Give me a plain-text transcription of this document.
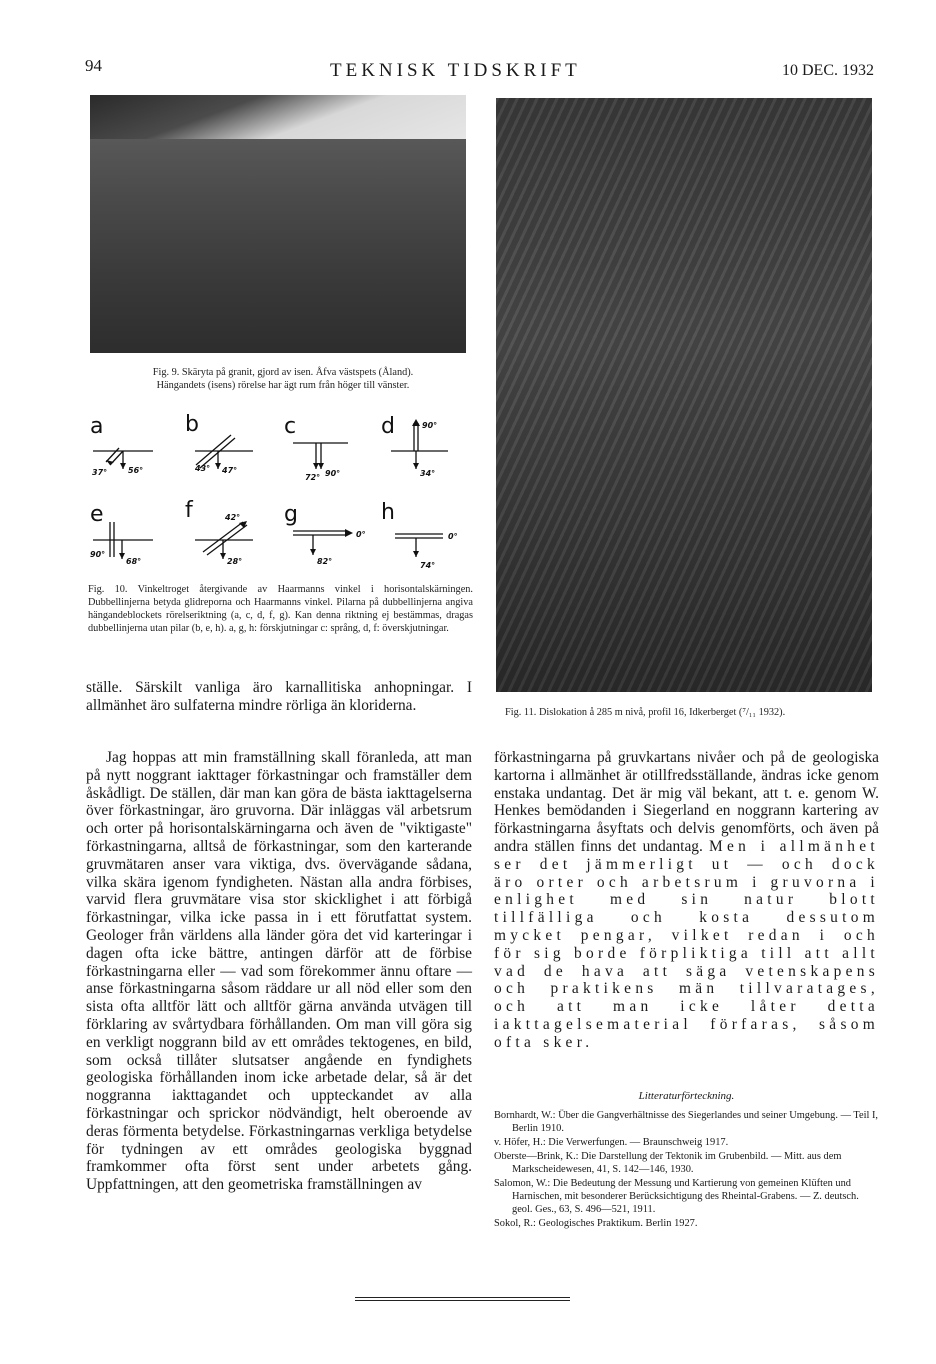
94	TEKNISK TIDSKRIFT	10 DEC. 1932
Fig. 9. Skäryta på granit, gjord av isen. Åfva västspets (Åland).
Hängandets (isens) rörelse har ägt rum från höger till vänster.
a	b	c	d
e	f	g	h
37°	56°	43° 47°
72° 90°
90°
34°
90°
68°
42°
28°
0°
82°
0°
74°
Fig. 10. Vinkeltroget återgivande av Haarmanns vinkel i horisontalskärningen. Dubbellinjerna betyda glidreporna och Haarmanns vinkel. Pilarna på dubbellinjerna angiva hängandeblockets rörelseriktning (a, c, d, f, g). Kan denna riktning ej bestämmas, dragas dubbellinjerna utan pilar (b, e, h). a, g, h: förskjutningar c: språng, d, f: överskjutningar.
Fig. 11. Dislokation å 285 m nivå, profil 16, Idkerberget (⁷/₁₁ 1932).
ställe. Särskilt vanliga äro karnallitiska anhopningar. I allmänhet äro sulfaterna mindre rörliga än kloriderna.
Jag hoppas att min framställning skall föranleda, att man på nytt noggrant iakttager förkastningar och framställer dem åskådligt. De ställen, där man kan göra de bästa iakttagelserna över förkastningar, äro gruvorna. Där inläggas väl arbetsrum och orter på horisontalskärningarna och även de "viktigaste" förkastningarna, alltså de förkastningar, som den karterande gruvmätaren anser vara viktiga, dvs. övervägande sådana, vilka skära igenom fyndigheten. Nästan alla andra förbises, varvid flera gruvmätare visa stor skicklighet i att förbigå förkastningar, vilka icke passa in i ett förutfattat system. Geologer från världens alla länder göra det vid karteringar i dagen ofta icke bättre, antingen därför att de förbise förkastningarna eller — vad som förekommer ännu oftare — anse förkastningarna såsom räddare ur all nöd eller som den sista ofta alltför lätt och alltför gärna använda utvägen till förklaring av svårtydbara förhållanden. Om man vill göra sig en verkligt noggrann bild av ett områdes tektogenes, en bild, som också tillåter slutsatser angående en fyndighets geologiska förhållanden inom icke arbetade delar, så är det noggranna iakttagandet och uppteckandet av alla förkastningar och sprickor nödvändigt, helt oberoende av deras förmenta betydelse. Förkastningarnas verkliga betydelse för tydningen av ett områdes geologiska byggnad framkommer ofta först sent under arbetets gång. Uppfattningen, att den geometriska framställningen av
förkastningarna på gruvkartans nivåer och på de geologiska kartorna i allmänhet är otillfredsställande, ändras icke genom enstaka undantag. Det är mig väl bekant, att t. e. genom W. Henkes bemödanden i Siegerland en noggrann kartering av förkastningarna åsyftats och delvis genomförts, och även på andra ställen finns det undantag. Men i allmänhet ser det jämmerligt ut — och dock äro orter och arbetsrum i gruvorna i enlighet med sin natur blott tillfälliga och kosta dessutom mycket pengar, vilket redan i och för sig borde förpliktiga till att allt vad de hava att säga vetenskapens och praktikens män tillvaratages, och att man icke låter detta iakttagelsematerial förfaras, såsom ofta sker.
Litteraturförteckning.
Bornhardt, W.: Über die Gangverhältnisse des Siegerlandes und seiner Umgebung. — Teil I, Berlin 1910.
v. Höfer, H.: Die Verwerfungen. — Braunschweig 1917.
Oberste—Brink, K.: Die Darstellung der Tektonik im Grubenbild. — Mitt. aus dem Markscheidewesen, 41, S. 142—146, 1930.
Salomon, W.: Die Bedeutung der Messung und Kartierung von gemeinen Klüften und Harnischen, mit besonderer Berücksichtigung des Rheintal-Grabens. — Z. deutsch. geol. Ges., 63, S. 496—521, 1911.
Sokol, R.: Geologisches Praktikum. Berlin 1927.
